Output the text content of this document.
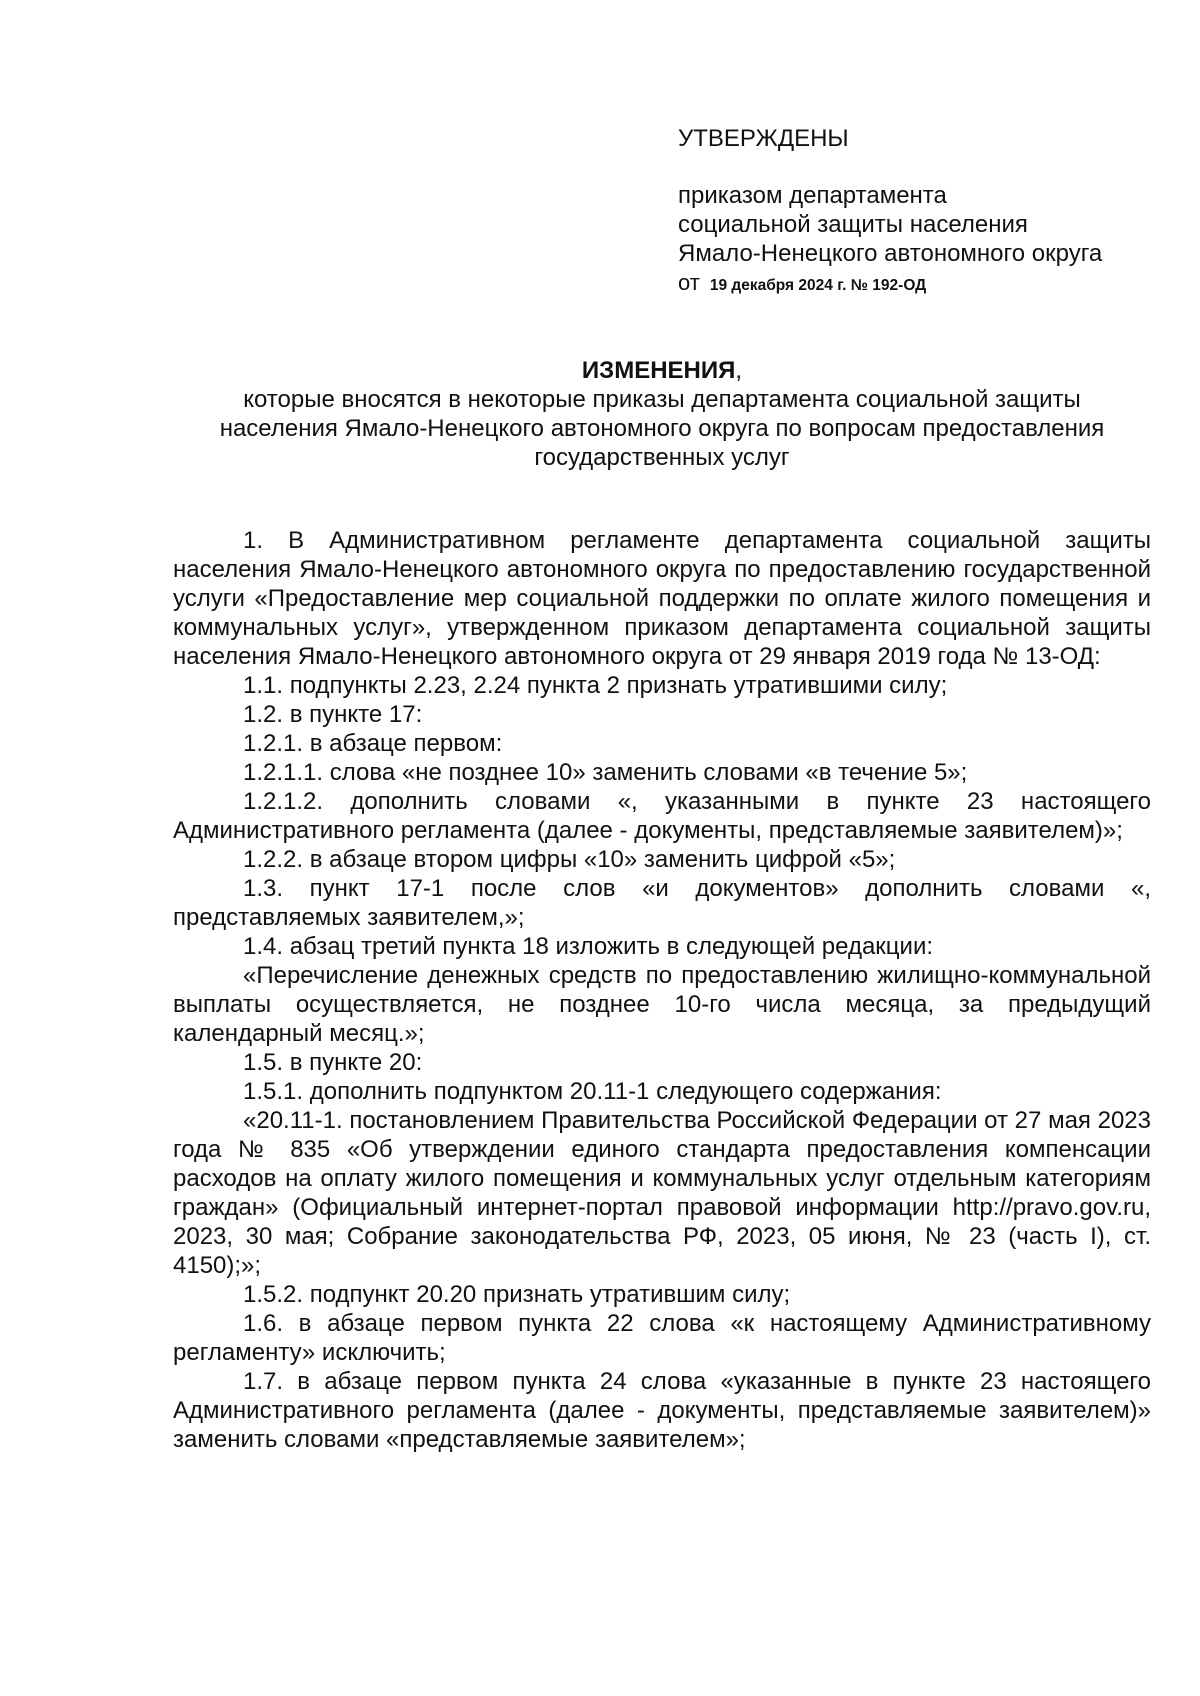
УТВЕРЖДЕНЫ

приказом департамента

социальной защиты населения

Ямало-Ненецкого автономного округа

от 19 декабря 2024 г. № 192-ОД

ИЗМЕНЕНИЯ,

которые вносятся в некоторые приказы департамента социальной защиты

населения Ямало-Ненецкого автономного округа по вопросам предоставления

государственных услуг

1. В Административном регламенте департамента социальной защиты населения Ямало-Ненецкого автономного округа по предоставлению государственной услуги «Предоставление мер социальной поддержки по оплате жилого помещения и коммунальных услуг», утвержденном приказом департамента социальной защиты населения Ямало-Ненецкого автономного округа от 29 января 2019 года № 13-ОД:

1.1. подпункты 2.23, 2.24 пункта 2 признать утратившими силу;

1.2. в пункте 17:

1.2.1. в абзаце первом:

1.2.1.1. слова «не позднее 10» заменить словами «в течение 5»;

1.2.1.2. дополнить словами «, указанными в пункте 23 настоящего Административного регламента (далее - документы, представляемые заявителем)»;

1.2.2. в абзаце втором цифры «10» заменить цифрой «5»;

1.3. пункт 17-1 после слов «и документов» дополнить словами «, представляемых заявителем,»;

1.4. абзац третий пункта 18 изложить в следующей редакции:

«Перечисление денежных средств по предоставлению жилищно-коммунальной выплаты осуществляется, не позднее 10-го числа месяца, за предыдущий календарный месяц.»;

1.5. в пункте 20:

1.5.1. дополнить подпунктом 20.11-1 следующего содержания:

«20.11-1. постановлением Правительства Российской Федерации от 27 мая 2023 года № 835 «Об утверждении единого стандарта предоставления компенсации расходов на оплату жилого помещения и коммунальных услуг отдельным категориям граждан» (Официальный интернет-портал правовой информации http://pravo.gov.ru, 2023, 30 мая; Собрание законодательства РФ, 2023, 05 июня, № 23 (часть I), ст. 4150);»;

1.5.2. подпункт 20.20 признать утратившим силу;

1.6. в абзаце первом пункта 22 слова «к настоящему Административному регламенту» исключить;

1.7. в абзаце первом пункта 24 слова «указанные в пункте 23 настоящего Административного регламента (далее - документы, представляемые заявителем)» заменить словами «представляемые заявителем»;
